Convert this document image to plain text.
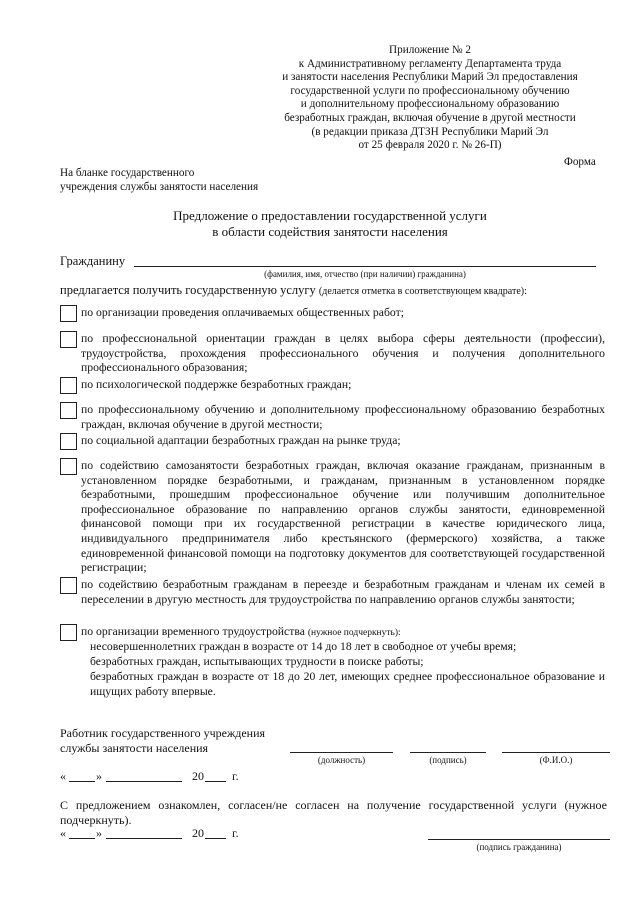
Приложение № 2
к Административному регламенту Департамента труда
и занятости населения Республики Марий Эл предоставления
государственной услуги по профессиональному обучению
и дополнительному профессиональному образованию
безработных граждан, включая обучение в другой местности
(в редакции приказа ДТЗН Республики Марий Эл
от 25 февраля 2020 г. № 26-П)
Форма
На бланке государственного
учреждения службы занятости населения
Предложение о предоставлении государственной услуги
в области содействия занятости населения
Гражданину
(фамилия, имя, отчество (при наличии) гражданина)
предлагается получить государственную услугу (делается отметка в соответствующем квадрате):
по организации проведения оплачиваемых общественных работ;
по профессиональной ориентации граждан в целях выбора сферы деятельности (профессии), трудоустройства, прохождения профессионального обучения и получения дополнительного профессионального образования;
по психологической поддержке безработных граждан;
по профессиональному обучению и дополнительному профессиональному образованию безработных граждан, включая обучение в другой местности;
по социальной адаптации безработных граждан на рынке труда;
по содействию самозанятости безработных граждан, включая оказание гражданам, признанным в установленном порядке безработными, и гражданам, признанным в установленном порядке безработными, прошедшим профессиональное обучение или получившим дополнительное профессиональное образование по направлению органов службы занятости, единовременной финансовой помощи при их государственной регистрации в качестве юридического лица, индивидуального предпринимателя либо крестьянского (фермерского) хозяйства, а также единовременной финансовой помощи на подготовку документов для соответствующей государственной регистрации;
по содействию безработным гражданам в переезде и безработным гражданам и членам их семей в переселении в другую местность для трудоустройства по направлению органов службы занятости;
по организации временного трудоустройства (нужное подчеркнуть):
несовершеннолетних граждан в возрасте от 14 до 18 лет в свободное от учебы время;
безработных граждан, испытывающих трудности в поиске работы;
безработных граждан в возрасте от 18 до 20 лет, имеющих среднее профессиональное образование и ищущих работу впервые.
Работник государственного учреждения
службы занятости населения
(должность)	(подпись)	(Ф.И.О.)
«	»	20 г.
С предложением ознакомлен, согласен/не согласен на получение государственной услуги (нужное подчеркнуть).
«	»	20 г.
(подпись гражданина)
